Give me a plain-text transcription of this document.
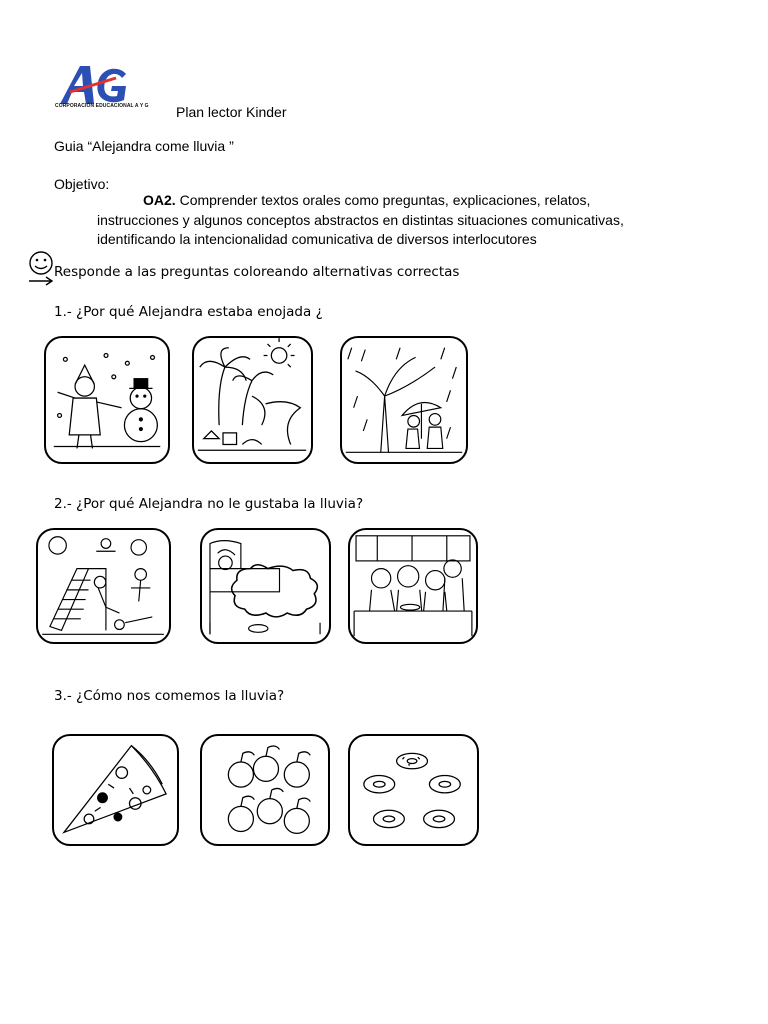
CORPORACIÓN EDUCACIONAL A Y G	Plan lector Kinder
Guia “Alejandra come lluvia ”
Objetivo:
OA2. Comprender textos orales como preguntas, explicaciones, relatos,
instrucciones y algunos conceptos abstractos en distintas situaciones comunicativas,
identificando la intencionalidad comunicativa de diversos interlocutores
Responde a las preguntas coloreando alternativas correctas
1.- ¿Por qué Alejandra estaba enojada ¿
2.- ¿Por qué Alejandra no le gustaba la lluvia?
3.- ¿Cómo nos comemos la lluvia?
